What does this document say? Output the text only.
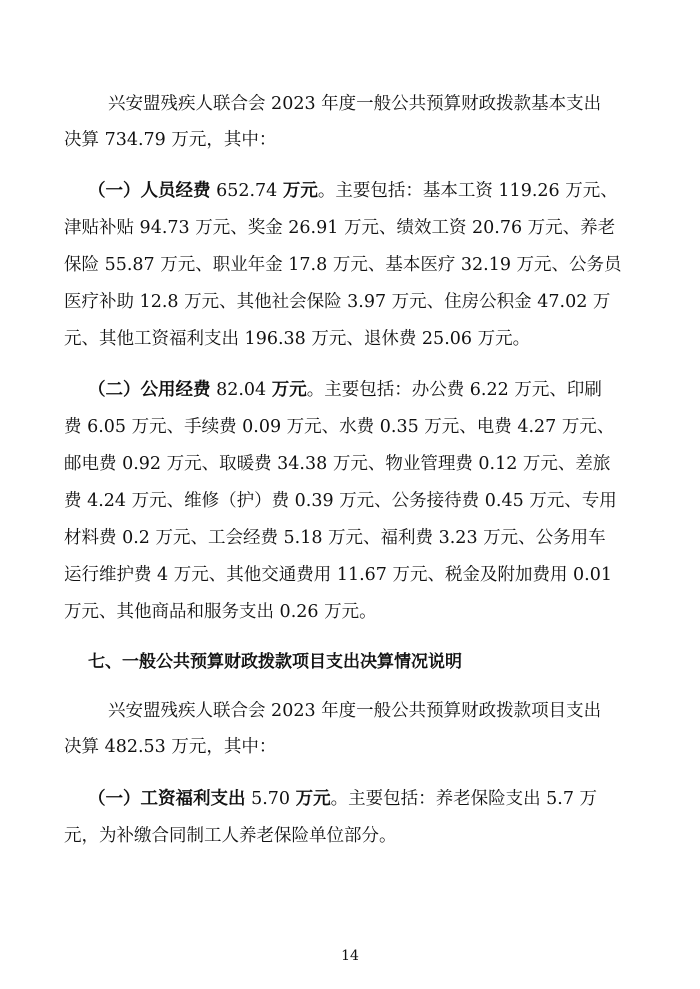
兴安盟残疾人联合会 2023 年度一般公共预算财政拨款基本支出
决算 734.79 万元，其中：
（一）人员经费 652.74 万元。主要包括：基本工资 119.26 万元、
津贴补贴 94.73 万元、奖金 26.91 万元、绩效工资 20.76 万元、养老
保险 55.87 万元、职业年金 17.8 万元、基本医疗 32.19 万元、公务员
医疗补助 12.8 万元、其他社会保险 3.97 万元、住房公积金 47.02 万
元、其他工资福利支出 196.38 万元、退休费 25.06 万元。
（二）公用经费 82.04 万元。主要包括：办公费 6.22 万元、印刷
费 6.05 万元、手续费 0.09 万元、水费 0.35 万元、电费 4.27 万元、
邮电费 0.92 万元、取暖费 34.38 万元、物业管理费 0.12 万元、差旅
费 4.24 万元、维修（护）费 0.39 万元、公务接待费 0.45 万元、专用
材料费 0.2 万元、工会经费 5.18 万元、福利费 3.23 万元、公务用车
运行维护费 4 万元、其他交通费用 11.67 万元、税金及附加费用 0.01
万元、其他商品和服务支出 0.26 万元。
七、一般公共预算财政拨款项目支出决算情况说明
兴安盟残疾人联合会 2023 年度一般公共预算财政拨款项目支出
决算 482.53 万元，其中：
（一）工资福利支出 5.70 万元。主要包括：养老保险支出 5.7 万
元，为补缴合同制工人养老保险单位部分。
14
